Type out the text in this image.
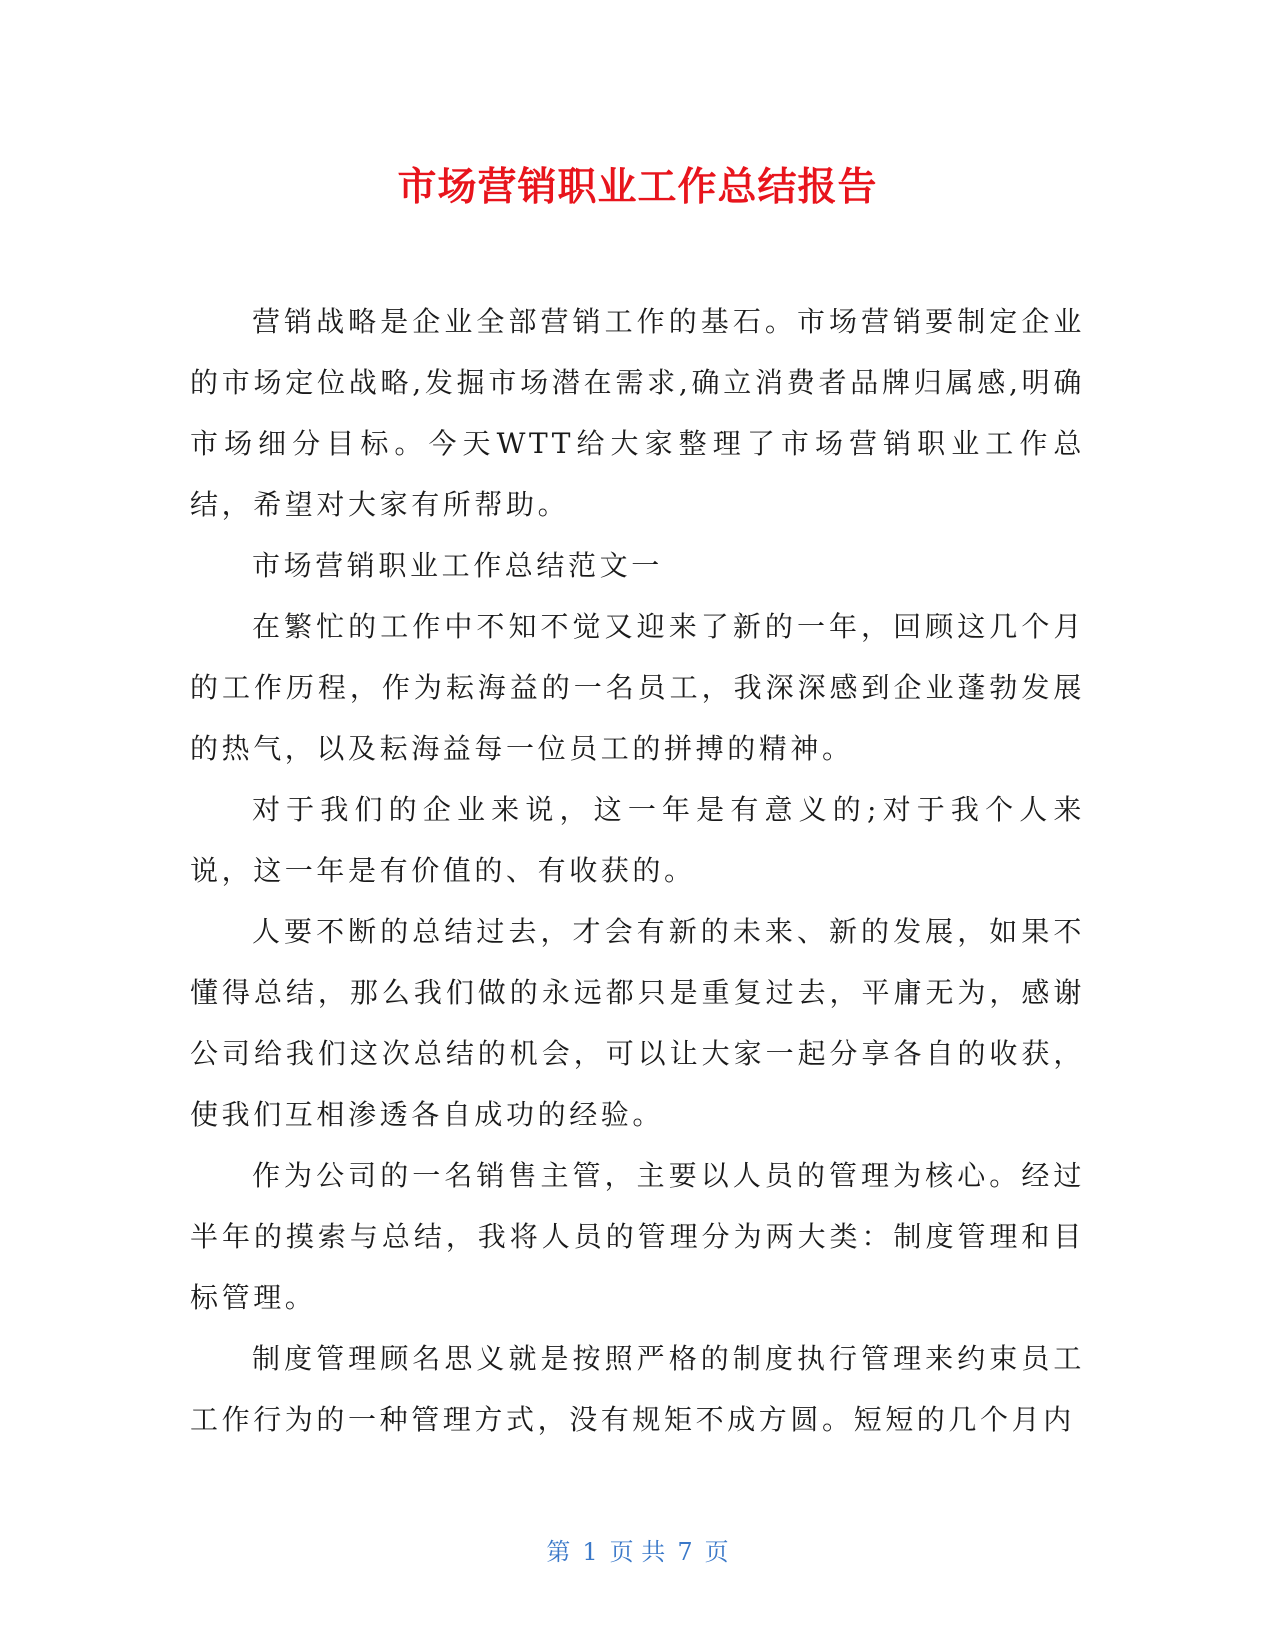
市场营销职业工作总结报告

营销战略是企业全部营销工作的基石。市场营销要制定企业的市场定位战略,发掘市场潜在需求,确立消费者品牌归属感,明确市场细分目标。今天WTT给大家整理了市场营销职业工作总结，希望对大家有所帮助。

市场营销职业工作总结范文一

在繁忙的工作中不知不觉又迎来了新的一年，回顾这几个月的工作历程，作为耘海益的一名员工，我深深感到企业蓬勃发展的热气，以及耘海益每一位员工的拼搏的精神。

对于我们的企业来说，这一年是有意义的;对于我个人来说，这一年是有价值的、有收获的。

人要不断的总结过去，才会有新的未来、新的发展，如果不懂得总结，那么我们做的永远都只是重复过去，平庸无为，感谢公司给我们这次总结的机会，可以让大家一起分享各自的收获，使我们互相渗透各自成功的经验。

作为公司的一名销售主管，主要以人员的管理为核心。经过半年的摸索与总结，我将人员的管理分为两大类：制度管理和目标管理。

制度管理顾名思义就是按照严格的制度执行管理来约束员工工作行为的一种管理方式，没有规矩不成方圆。短短的几个月内

第 1 页 共 7 页
